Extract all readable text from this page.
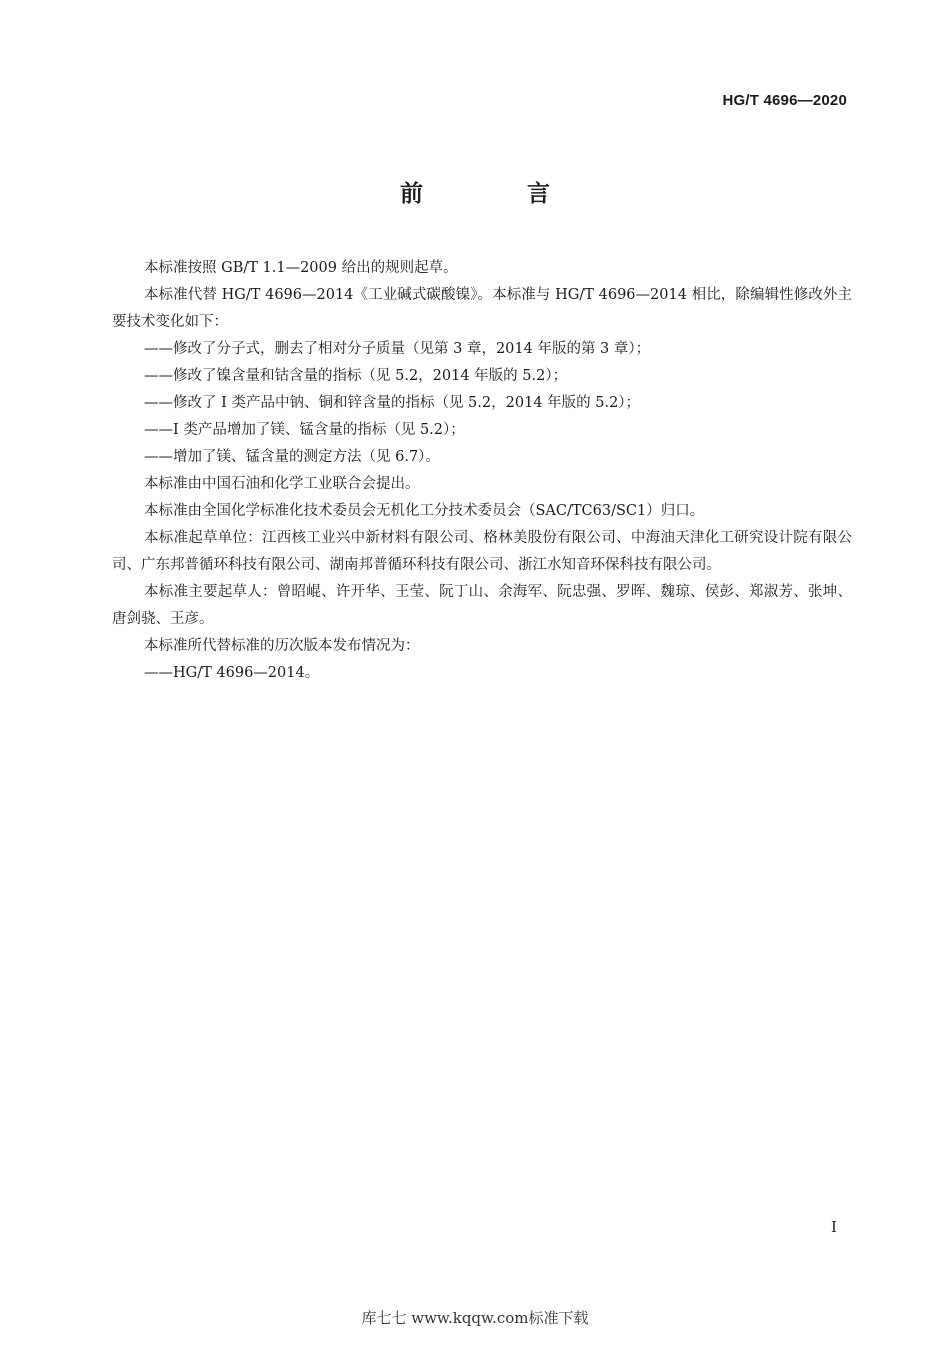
HG/T 4696—2020
前 言

本标准按照 GB/T 1.1—2009 给出的规则起草。

本标准代替 HG/T 4696—2014《工业碱式碳酸镍》。本标准与 HG/T 4696—2014 相比，除编辑性修改外主要技术变化如下：

——修改了分子式，删去了相对分子质量（见第 3 章，2014 年版的第 3 章）；

——修改了镍含量和钴含量的指标（见 5.2，2014 年版的 5.2）；

——修改了 Ⅰ 类产品中钠、铜和锌含量的指标（见 5.2，2014 年版的 5.2）；

——Ⅰ 类产品增加了镁、锰含量的指标（见 5.2）；

——增加了镁、锰含量的测定方法（见 6.7）。

本标准由中国石油和化学工业联合会提出。

本标准由全国化学标准化技术委员会无机化工分技术委员会（SAC/TC63/SC1）归口。

本标准起草单位：江西核工业兴中新材料有限公司、格林美股份有限公司、中海油天津化工研究设计院有限公司、广东邦普循环科技有限公司、湖南邦普循环科技有限公司、浙江水知音环保科技有限公司。

本标准主要起草人：曾昭崐、许开华、王莹、阮丁山、余海军、阮忠强、罗晖、魏琼、侯彭、郑淑芳、张坤、唐剑骁、王彦。

本标准所代替标准的历次版本发布情况为：

——HG/T 4696—2014。

I
库七七 www.kqqw.com标准下载
